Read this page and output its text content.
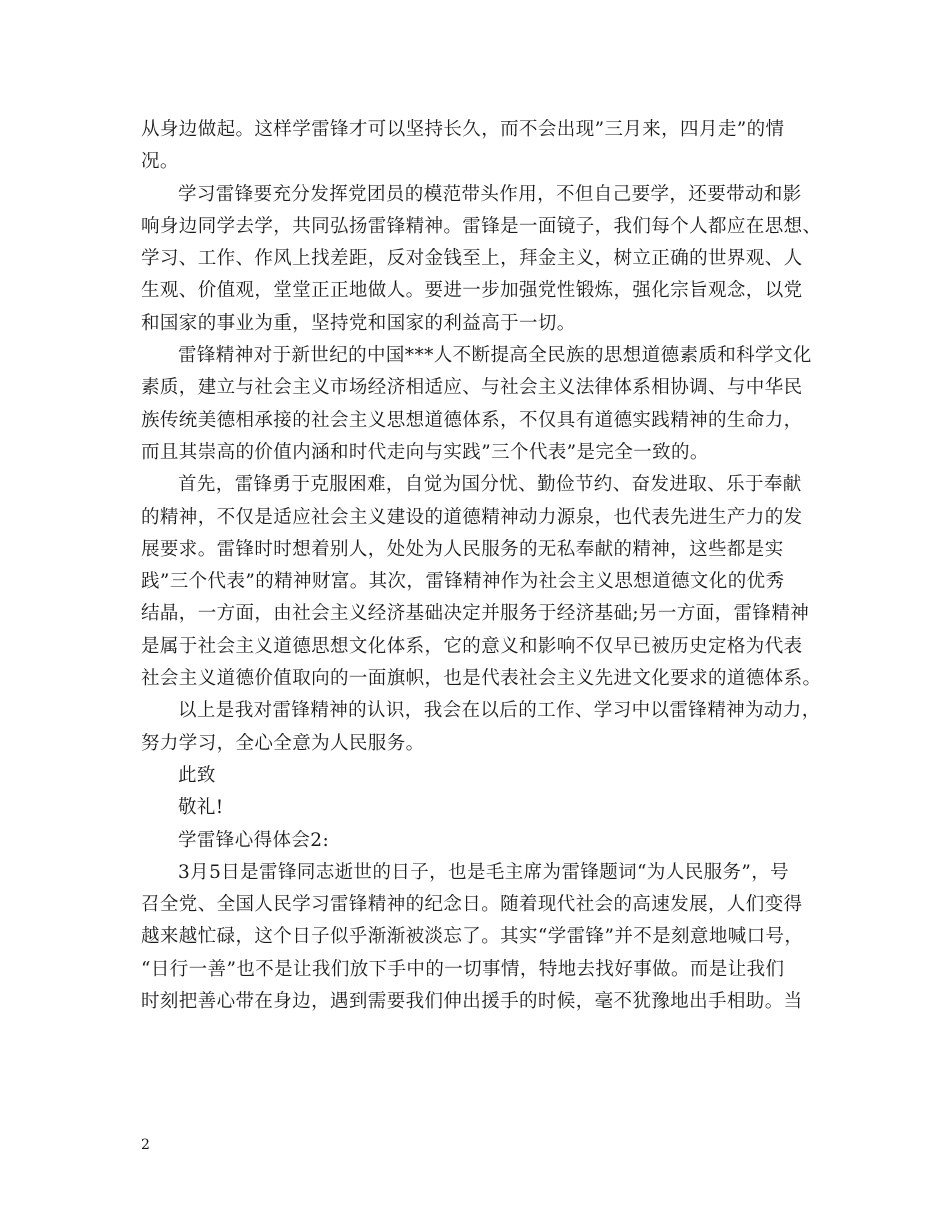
从身边做起。这样学雷锋才可以坚持长久，而不会出现”三月来，四月走”的情
况。
学习雷锋要充分发挥党团员的模范带头作用，不但自己要学，还要带动和影
响身边同学去学，共同弘扬雷锋精神。雷锋是一面镜子，我们每个人都应在思想、
学习、工作、作风上找差距，反对金钱至上，拜金主义，树立正确的世界观、人
生观、价值观，堂堂正正地做人。要进一步加强党性锻炼，强化宗旨观念，以党
和国家的事业为重，坚持党和国家的利益高于一切。
雷锋精神对于新世纪的中国***人不断提高全民族的思想道德素质和科学文化
素质，建立与社会主义市场经济相适应、与社会主义法律体系相协调、与中华民
族传统美德相承接的社会主义思想道德体系，不仅具有道德实践精神的生命力，
而且其崇高的价值内涵和时代走向与实践”三个代表”是完全一致的。
首先，雷锋勇于克服困难，自觉为国分忧、勤俭节约、奋发进取、乐于奉献
的精神，不仅是适应社会主义建设的道德精神动力源泉，也代表先进生产力的发
展要求。雷锋时时想着别人，处处为人民服务的无私奉献的精神，这些都是实
践”三个代表”的精神财富。其次，雷锋精神作为社会主义思想道德文化的优秀
结晶，一方面，由社会主义经济基础决定并服务于经济基础;另一方面，雷锋精神
是属于社会主义道德思想文化体系，它的意义和影响不仅早已被历史定格为代表
社会主义道德价值取向的一面旗帜，也是代表社会主义先进文化要求的道德体系。
以上是我对雷锋精神的认识，我会在以后的工作、学习中以雷锋精神为动力，
努力学习，全心全意为人民服务。
此致
敬礼!
学雷锋心得体会2:
3月5日是雷锋同志逝世的日子，也是毛主席为雷锋题词“为人民服务”，号
召全党、全国人民学习雷锋精神的纪念日。随着现代社会的高速发展，人们变得
越来越忙碌，这个日子似乎渐渐被淡忘了。其实“学雷锋”并不是刻意地喊口号，
“日行一善”也不是让我们放下手中的一切事情，特地去找好事做。而是让我们
时刻把善心带在身边，遇到需要我们伸出援手的时候，毫不犹豫地出手相助。当
2
